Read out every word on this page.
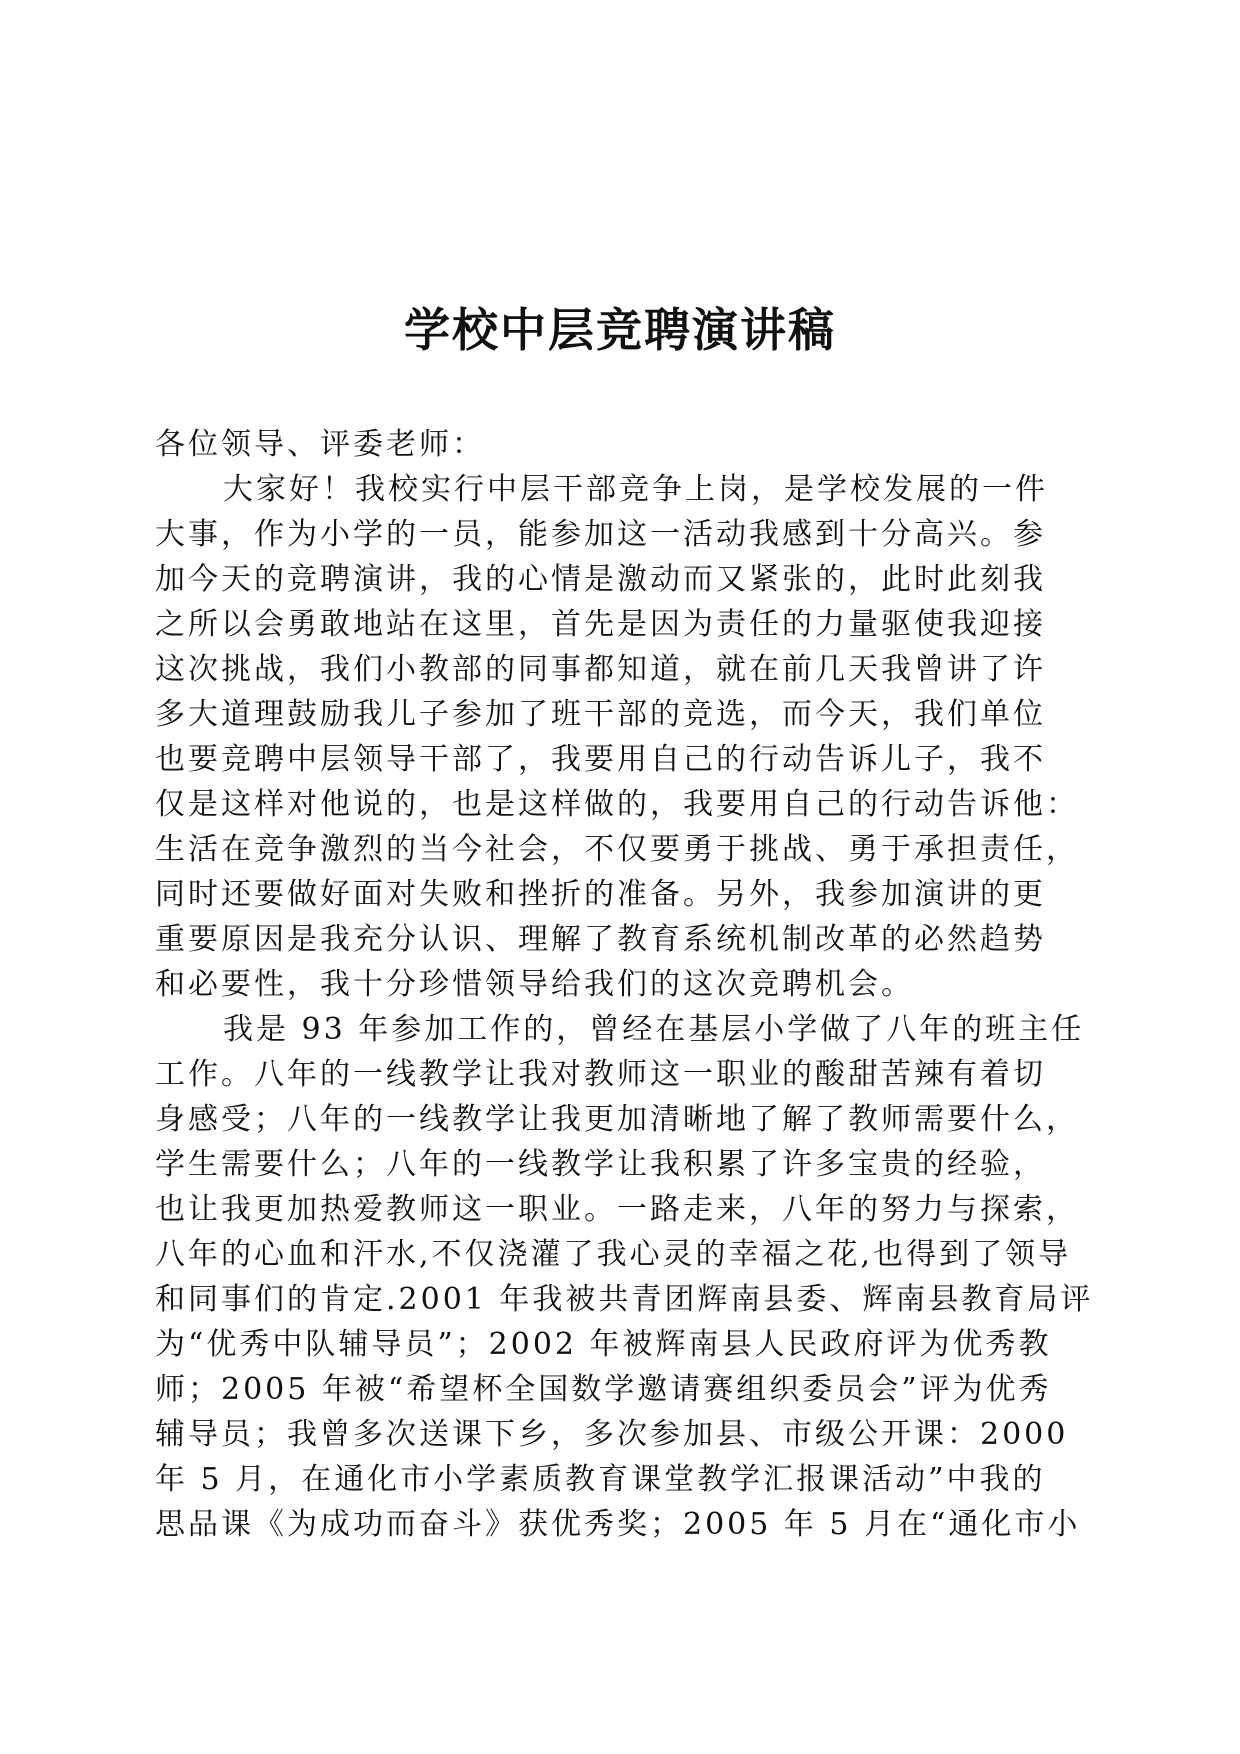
学校中层竞聘演讲稿
各位领导、评委老师：
大家好！我校实行中层干部竞争上岗，是学校发展的一件
大事，作为小学的一员，能参加这一活动我感到十分高兴。参
加今天的竞聘演讲，我的心情是激动而又紧张的，此时此刻我
之所以会勇敢地站在这里，首先是因为责任的力量驱使我迎接
这次挑战，我们小教部的同事都知道，就在前几天我曾讲了许
多大道理鼓励我儿子参加了班干部的竞选，而今天，我们单位
也要竞聘中层领导干部了，我要用自己的行动告诉儿子，我不
仅是这样对他说的，也是这样做的，我要用自己的行动告诉他：
生活在竞争激烈的当今社会，不仅要勇于挑战、勇于承担责任，
同时还要做好面对失败和挫折的准备。另外，我参加演讲的更
重要原因是我充分认识、理解了教育系统机制改革的必然趋势
和必要性，我十分珍惜领导给我们的这次竞聘机会。
我是 93 年参加工作的，曾经在基层小学做了八年的班主任
工作。八年的一线教学让我对教师这一职业的酸甜苦辣有着切
身感受；八年的一线教学让我更加清晰地了解了教师需要什么，
学生需要什么；八年的一线教学让我积累了许多宝贵的经验，
也让我更加热爱教师这一职业。一路走来，八年的努力与探索，
八年的心血和汗水,不仅浇灌了我心灵的幸福之花,也得到了领导
和同事们的肯定.2001 年我被共青团辉南县委、辉南县教育局评
为“优秀中队辅导员”；2002 年被辉南县人民政府评为优秀教
师；2005 年被“希望杯全国数学邀请赛组织委员会”评为优秀
辅导员；我曾多次送课下乡，多次参加县、市级公开课：2000
年 5 月，在通化市小学素质教育课堂教学汇报课活动”中我的
思品课《为成功而奋斗》获优秀奖；2005 年 5 月在“通化市小
